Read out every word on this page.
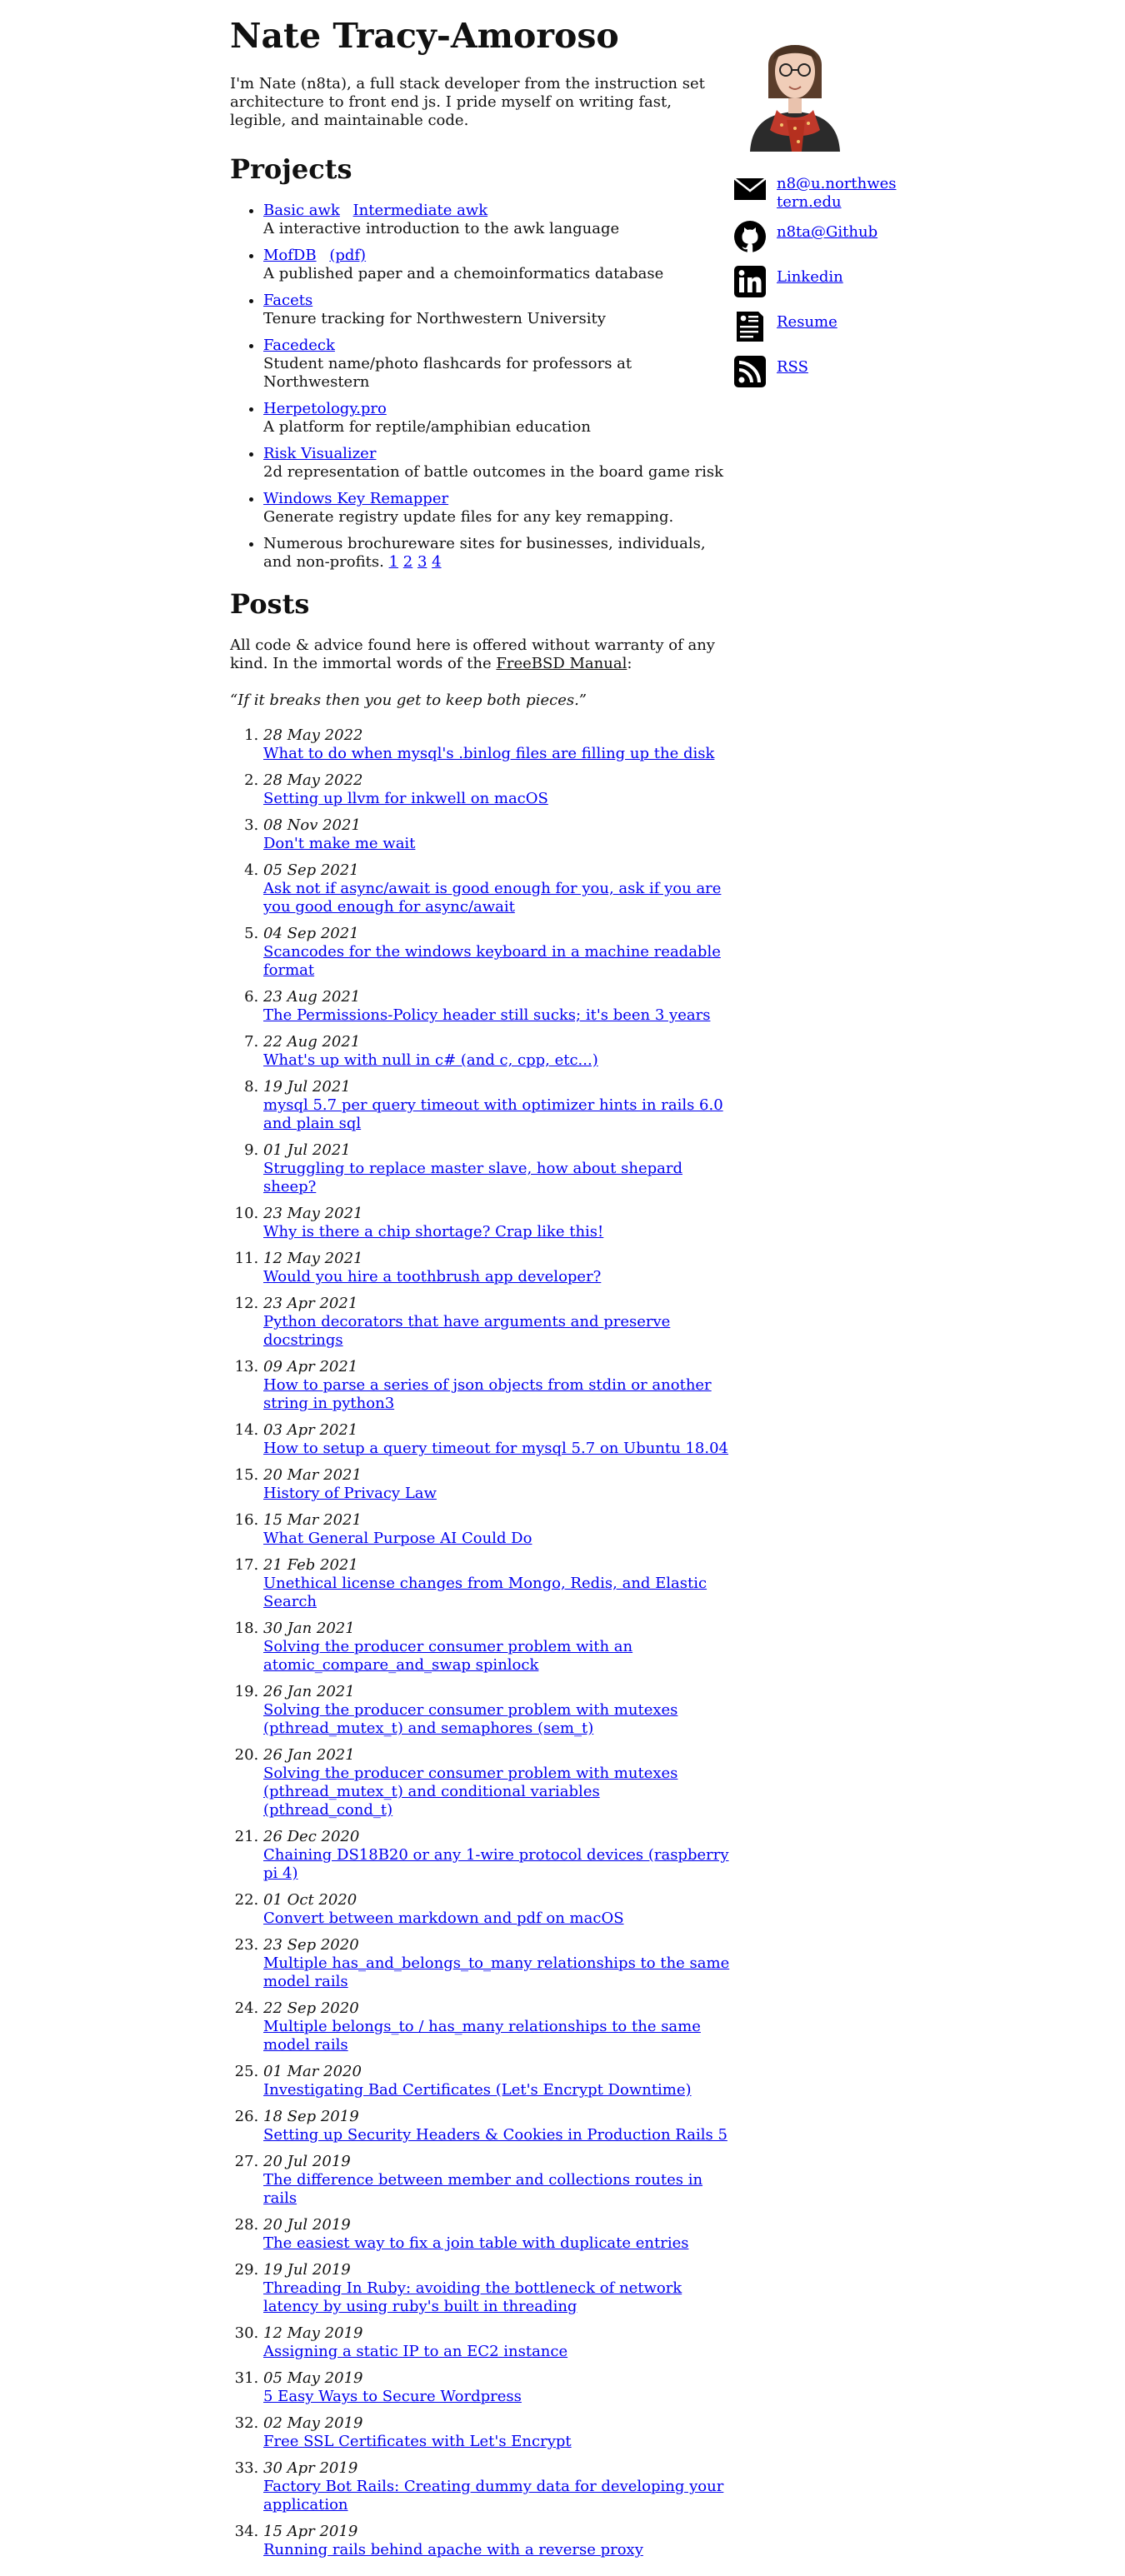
Nate Tracy-Amoroso

I'm Nate (n8ta), a full stack developer from the instruction set architecture to front end js. I pride myself on writing fast, legible, and maintainable code.

Projects
• Basic awk Intermediate awk
A interactive introduction to the awk language
• MofDB (pdf)
A published paper and a chemoinformatics database
• Facets
Tenure tracking for Northwestern University
• Facedeck
Student name/photo flashcards for professors at Northwestern
• Herpetology.pro
A platform for reptile/amphibian education
• Risk Visualizer
2d representation of battle outcomes in the board game risk
• Windows Key Remapper
Generate registry update files for any key remapping.
• Numerous brochureware sites for businesses, individuals, and non-profits. 1 2 3 4
Posts

All code & advice found here is offered without warranty of any kind. In the immortal words of the FreeBSD Manual:

“If it breaks then you get to keep both pieces.”

1. 28 May 2022
What to do when mysql's .binlog files are filling up the disk
2. 28 May 2022
Setting up llvm for inkwell on macOS
3. 08 Nov 2021
Don't make me wait
4. 05 Sep 2021
Ask not if async/await is good enough for you, ask if you are you good enough for async/await
5. 04 Sep 2021
Scancodes for the windows keyboard in a machine readable format
6. 23 Aug 2021
The Permissions-Policy header still sucks; it's been 3 years
7. 22 Aug 2021
What's up with null in c# (and c, cpp, etc...)
8. 19 Jul 2021
mysql 5.7 per query timeout with optimizer hints in rails 6.0 and plain sql
9. 01 Jul 2021
Struggling to replace master slave, how about shepard sheep?
10. 23 May 2021
Why is there a chip shortage? Crap like this!
11. 12 May 2021
Would you hire a toothbrush app developer?
12. 23 Apr 2021
Python decorators that have arguments and preserve docstrings
13. 09 Apr 2021
How to parse a series of json objects from stdin or another string in python3
14. 03 Apr 2021
How to setup a query timeout for mysql 5.7 on Ubuntu 18.04
15. 20 Mar 2021
History of Privacy Law
16. 15 Mar 2021
What General Purpose AI Could Do
17. 21 Feb 2021
Unethical license changes from Mongo, Redis, and Elastic Search
18. 30 Jan 2021
Solving the producer consumer problem with an atomic_compare_and_swap spinlock
19. 26 Jan 2021
Solving the producer consumer problem with mutexes (pthread_mutex_t) and semaphores (sem_t)
20. 26 Jan 2021
Solving the producer consumer problem with mutexes (pthread_mutex_t) and conditional variables (pthread_cond_t)
21. 26 Dec 2020
Chaining DS18B20 or any 1-wire protocol devices (raspberry pi 4)
22. 01 Oct 2020
Convert between markdown and pdf on macOS
23. 23 Sep 2020
Multiple has_and_belongs_to_many relationships to the same model rails
24. 22 Sep 2020
Multiple belongs_to / has_many relationships to the same model rails
25. 01 Mar 2020
Investigating Bad Certificates (Let's Encrypt Downtime)
26. 18 Sep 2019
Setting up Security Headers & Cookies in Production Rails 5
27. 20 Jul 2019
The difference between member and collections routes in rails
28. 20 Jul 2019
The easiest way to fix a join table with duplicate entries
29. 19 Jul 2019
Threading In Ruby: avoiding the bottleneck of network latency by using ruby's built in threading
30. 12 May 2019
Assigning a static IP to an EC2 instance
31. 05 May 2019
5 Easy Ways to Secure Wordpress
32. 02 May 2019
Free SSL Certificates with Let's Encrypt
33. 30 Apr 2019
Factory Bot Rails: Creating dummy data for developing your application
34. 15 Apr 2019
Running rails behind apache with a reverse proxy
n8@u.northwestern.edu
n8ta@Github
Linkedin
Resume
RSS
